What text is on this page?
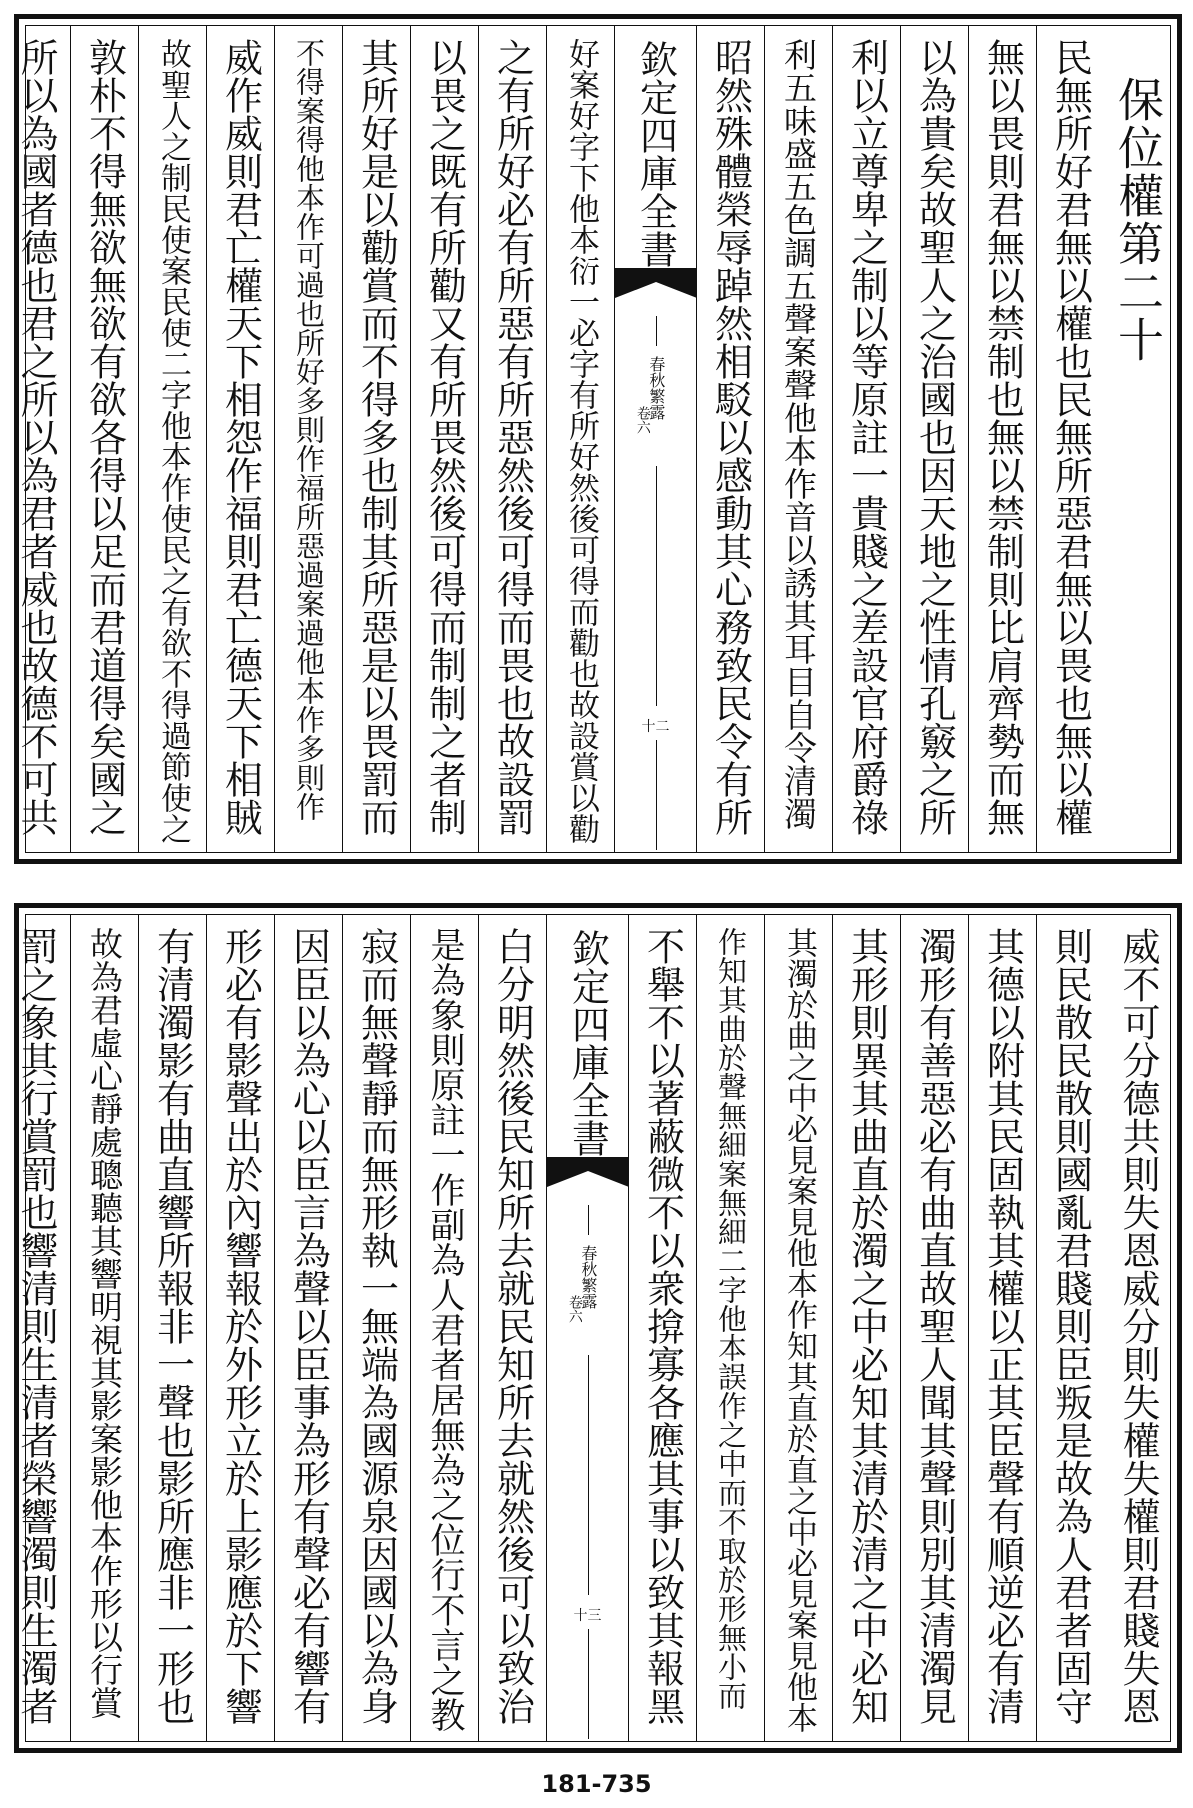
保位權第二十
民無所好君無以權也民無所惡君無以畏也無以權
無以畏則君無以禁制也無以禁制則比肩齊勢而無
以為貴矣故聖人之治國也因天地之性情孔竅之所
利以立尊卑之制以等原註一貴賤之差設官府爵祿
利五味盛五色調五聲案聲他本作音以誘其耳目自令清濁
昭然殊體榮辱踔然相駁以感動其心務致民令有所
欽定四庫全書
春秋繁露
卷六
十二
好案好字下他本衍一必字有所好然後可得而勸也故設賞以勸
之有所好必有所惡有所惡然後可得而畏也故設罰
以畏之既有所勸又有所畏然後可得而制制之者制
其所好是以勸賞而不得多也制其所惡是以畏罰而
不得案得他本作可過也所好多則作福所惡過案過他本作多則作
威作威則君亡權天下相怨作福則君亡德天下相賊
故聖人之制民使案民使二字他本作使民之有欲不得過節使之
敦朴不得無欲無欲有欲各得以足而君道得矣國之
所以為國者德也君之所以為君者威也故德不可共
威不可分德共則失恩威分則失權失權則君賤失恩
則民散民散則國亂君賤則臣叛是故為人君者固守
其德以附其民固執其權以正其臣聲有順逆必有清
濁形有善惡必有曲直故聖人聞其聲則別其清濁見
其形則異其曲直於濁之中必知其清於清之中必知
其濁於曲之中必見案見他本作知其直於直之中必見案見他本
作知其曲於聲無細案無細二字他本誤作之中而不取於形無小而
不舉不以著蔽微不以衆揜寡各應其事以致其報黑
欽定四庫全書
春秋繁露
卷六
十三
白分明然後民知所去就民知所去就然後可以致治
是為象則原註一作副為人君者居無為之位行不言之教
寂而無聲靜而無形執一無端為國源泉因國以為身
因臣以為心以臣言為聲以臣事為形有聲必有響有
形必有影聲出於內響報於外形立於上影應於下響
有清濁影有曲直響所報非一聲也影所應非一形也
故為君虛心靜處聰聽其響明視其影案影他本作形以行賞
罰之象其行賞罰也響清則生清者榮響濁則生濁者
181-735
